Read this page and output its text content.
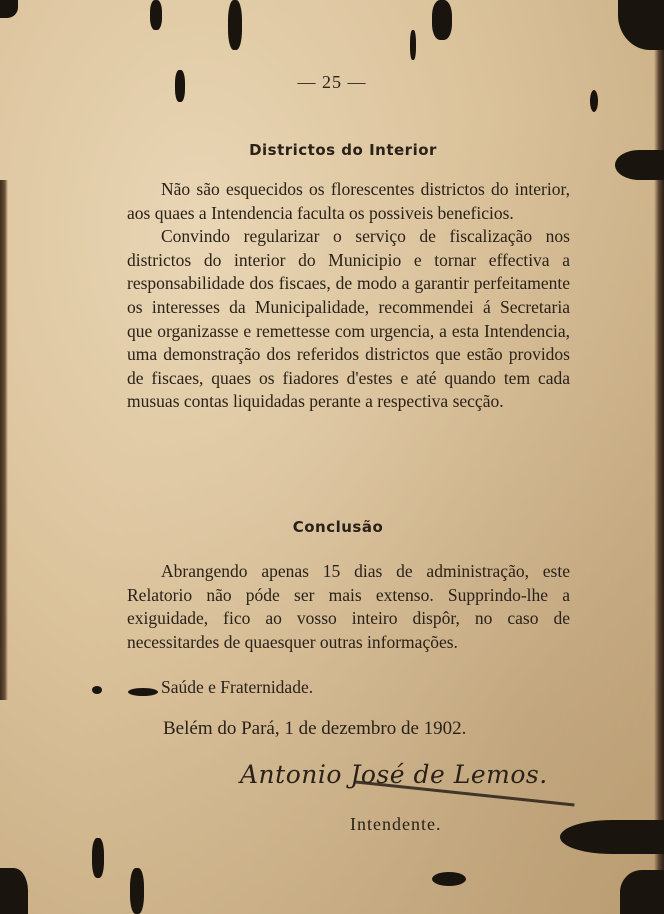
— 25 —
Districtos do Interior

Não são esquecidos os florescentes districtos do interior, aos quaes a Intendencia faculta os possiveis beneficios.

Convindo regularizar o serviço de fiscalização nos districtos do interior do Municipio e tornar effectiva a responsabilidade dos fiscaes, de modo a garantir perfeitamente os interesses da Municipalidade, recommendei á Secretaria que organizasse e remettesse com urgencia, a esta Intendencia, uma demonstração dos referidos districtos que estão providos de fiscaes, quaes os fiadores d'estes e até quando tem cada musuas contas liquidadas perante a respectiva secção.

Conclusão

Abrangendo apenas 15 dias de administração, este Relatorio não póde ser mais extenso. Supprindo-lhe a exiguidade, fico ao vosso inteiro dispôr, no caso de necessitardes de quaesquer outras informações.

Saúde e Fraternidade.
Belém do Pará, 1 de dezembro de 1902.
Antonio José de Lemos.
Intendente.
